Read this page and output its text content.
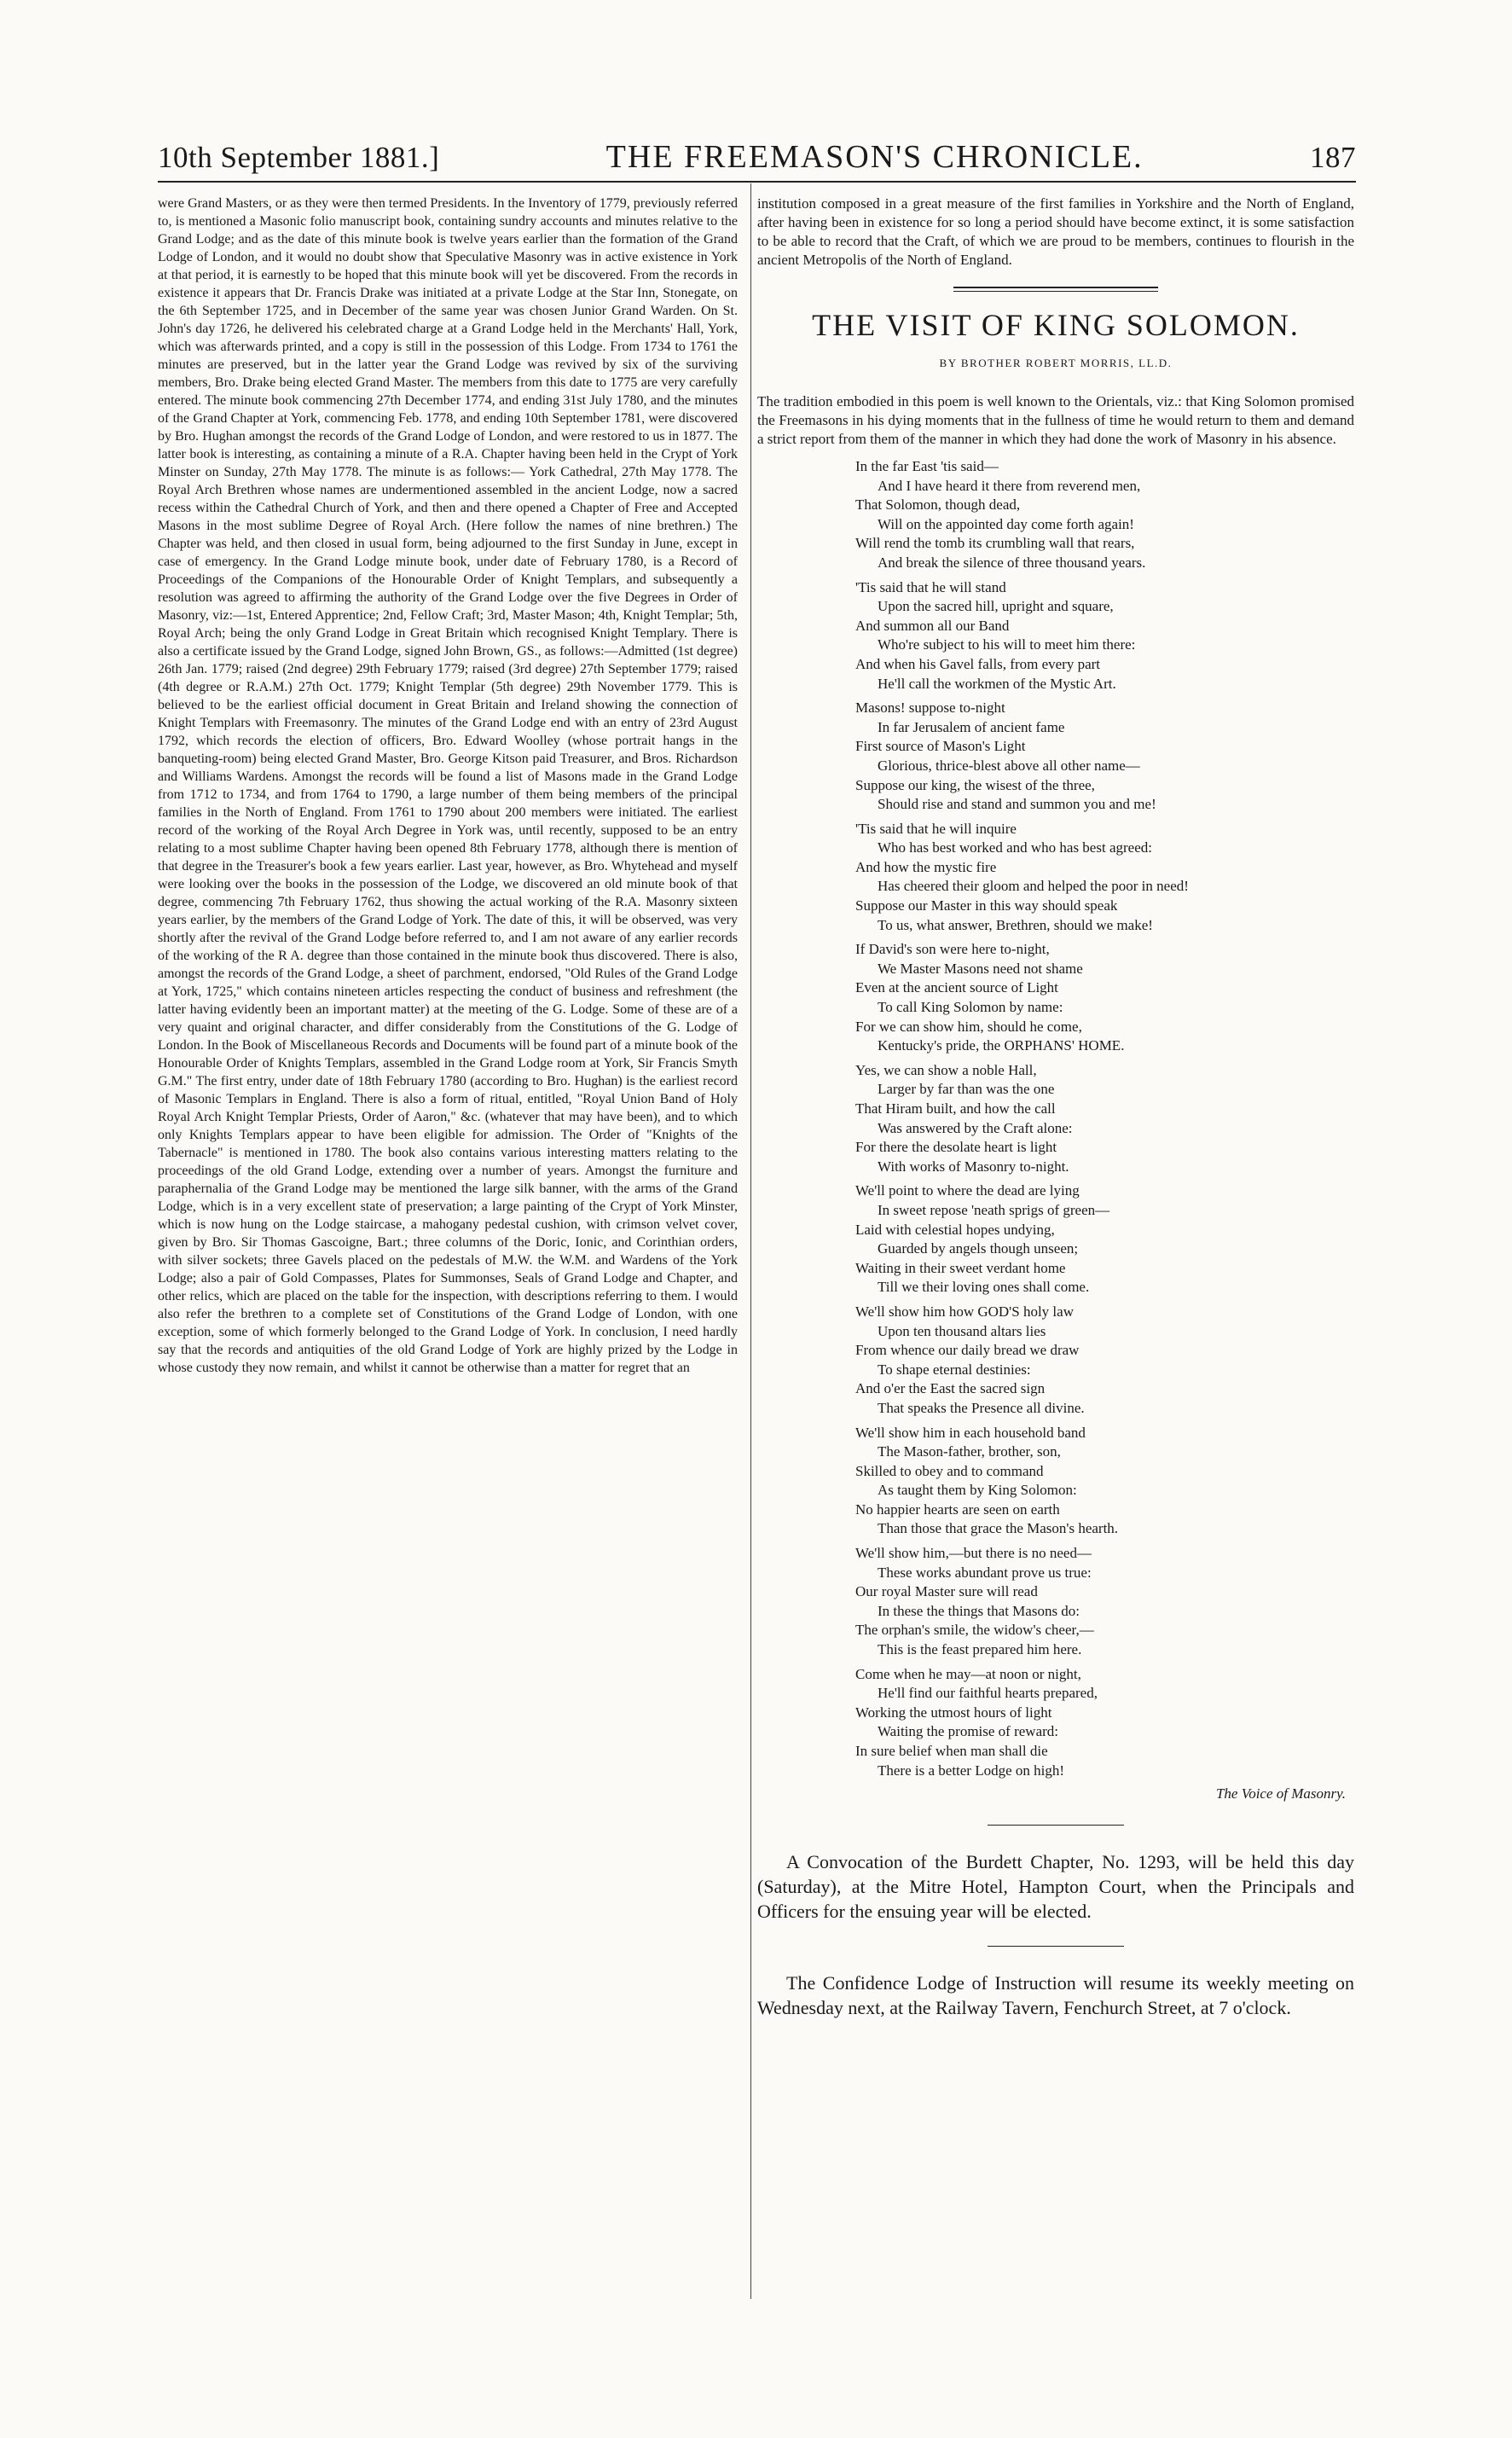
10th September 1881.]	THE FREEMASON'S CHRONICLE.	187

were Grand Masters, or as they were then termed Presidents. In the Inventory of 1779, previously referred to, is mentioned a Masonic folio manuscript book, containing sundry accounts and minutes relative to the Grand Lodge; and as the date of this minute book is twelve years earlier than the formation of the Grand Lodge of London, and it would no doubt show that Speculative Masonry was in active existence in York at that period, it is earnestly to be hoped that this minute book will yet be discovered. From the records in existence it appears that Dr. Francis Drake was initiated at a private Lodge at the Star Inn, Stonegate, on the 6th September 1725, and in December of the same year was chosen Junior Grand Warden. On St. John's day 1726, he delivered his celebrated charge at a Grand Lodge held in the Merchants' Hall, York, which was afterwards printed, and a copy is still in the possession of this Lodge. From 1734 to 1761 the minutes are preserved, but in the latter year the Grand Lodge was revived by six of the surviving members, Bro. Drake being elected Grand Master. The members from this date to 1775 are very carefully entered. The minute book commencing 27th December 1774, and ending 31st July 1780, and the minutes of the Grand Chapter at York, commencing Feb. 1778, and ending 10th September 1781, were discovered by Bro. Hughan amongst the records of the Grand Lodge of London, and were restored to us in 1877. The latter book is interesting, as containing a minute of a R.A. Chapter having been held in the Crypt of York Minster on Sunday, 27th May 1778. The minute is as follows:— York Cathedral, 27th May 1778. The Royal Arch Brethren whose names are undermentioned assembled in the ancient Lodge, now a sacred recess within the Cathedral Church of York, and then and there opened a Chapter of Free and Accepted Masons in the most sublime Degree of Royal Arch. (Here follow the names of nine brethren.) The Chapter was held, and then closed in usual form, being adjourned to the first Sunday in June, except in case of emergency. In the Grand Lodge minute book, under date of February 1780, is a Record of Proceedings of the Companions of the Honourable Order of Knight Templars, and subsequently a resolution was agreed to affirming the authority of the Grand Lodge over the five Degrees in Order of Masonry, viz:—1st, Entered Apprentice; 2nd, Fellow Craft; 3rd, Master Mason; 4th, Knight Templar; 5th, Royal Arch; being the only Grand Lodge in Great Britain which recognised Knight Templary. There is also a certificate issued by the Grand Lodge, signed John Brown, GS., as follows:—Admitted (1st degree) 26th Jan. 1779; raised (2nd degree) 29th February 1779; raised (3rd degree) 27th September 1779; raised (4th degree or R.A.M.) 27th Oct. 1779; Knight Templar (5th degree) 29th November 1779. This is believed to be the earliest official document in Great Britain and Ireland showing the connection of Knight Templars with Freemasonry. The minutes of the Grand Lodge end with an entry of 23rd August 1792, which records the election of officers, Bro. Edward Woolley (whose portrait hangs in the banqueting-room) being elected Grand Master, Bro. George Kitson paid Treasurer, and Bros. Richardson and Williams Wardens. Amongst the records will be found a list of Masons made in the Grand Lodge from 1712 to 1734, and from 1764 to 1790, a large number of them being members of the principal families in the North of England. From 1761 to 1790 about 200 members were initiated. The earliest record of the working of the Royal Arch Degree in York was, until recently, supposed to be an entry relating to a most sublime Chapter having been opened 8th February 1778, although there is mention of that degree in the Treasurer's book a few years earlier. Last year, however, as Bro. Whytehead and myself were looking over the books in the possession of the Lodge, we discovered an old minute book of that degree, commencing 7th February 1762, thus showing the actual working of the R.A. Masonry sixteen years earlier, by the members of the Grand Lodge of York. The date of this, it will be observed, was very shortly after the revival of the Grand Lodge before referred to, and I am not aware of any earlier records of the working of the R A. degree than those contained in the minute book thus discovered. There is also, amongst the records of the Grand Lodge, a sheet of parchment, endorsed, "Old Rules of the Grand Lodge at York, 1725," which contains nineteen articles respecting the conduct of business and refreshment (the latter having evidently been an important matter) at the meeting of the G. Lodge. Some of these are of a very quaint and original character, and differ considerably from the Constitutions of the G. Lodge of London. In the Book of Miscellaneous Records and Documents will be found part of a minute book of the Honourable Order of Knights Templars, assembled in the Grand Lodge room at York, Sir Francis Smyth G.M." The first entry, under date of 18th February 1780 (according to Bro. Hughan) is the earliest record of Masonic Templars in England. There is also a form of ritual, entitled, "Royal Union Band of Holy Royal Arch Knight Templar Priests, Order of Aaron," &c. (whatever that may have been), and to which only Knights Templars appear to have been eligible for admission. The Order of "Knights of the Tabernacle" is mentioned in 1780. The book also contains various interesting matters relating to the proceedings of the old Grand Lodge, extending over a number of years. Amongst the furniture and paraphernalia of the Grand Lodge may be mentioned the large silk banner, with the arms of the Grand Lodge, which is in a very excellent state of preservation; a large painting of the Crypt of York Minster, which is now hung on the Lodge staircase, a mahogany pedestal cushion, with crimson velvet cover, given by Bro. Sir Thomas Gascoigne, Bart.; three columns of the Doric, Ionic, and Corinthian orders, with silver sockets; three Gavels placed on the pedestals of M.W. the W.M. and Wardens of the York Lodge; also a pair of Gold Compasses, Plates for Summonses, Seals of Grand Lodge and Chapter, and other relics, which are placed on the table for the inspection, with descriptions referring to them. I would also refer the brethren to a complete set of Constitutions of the Grand Lodge of London, with one exception, some of which formerly belonged to the Grand Lodge of York. In conclusion, I need hardly say that the records and antiquities of the old Grand Lodge of York are highly prized by the Lodge in whose custody they now remain, and whilst it cannot be otherwise than a matter for regret that an

institution composed in a great measure of the first families in Yorkshire and the North of England, after having been in existence for so long a period should have become extinct, it is some satisfaction to be able to record that the Craft, of which we are proud to be members, continues to flourish in the ancient Metropolis of the North of England.

THE VISIT OF KING SOLOMON.
BY BROTHER ROBERT MORRIS, LL.D.

The tradition embodied in this poem is well known to the Orientals, viz.: that King Solomon promised the Freemasons in his dying moments that in the fullness of time he would return to them and demand a strict report from them of the manner in which they had done the work of Masonry in his absence.

In the far East 'tis said—
And I have heard it there from reverend men,
That Solomon, though dead,
Will on the appointed day come forth again!
Will rend the tomb its crumbling wall that rears,
And break the silence of three thousand years.
'Tis said that he will stand
Upon the sacred hill, upright and square,
And summon all our Band
Who're subject to his will to meet him there:
And when his Gavel falls, from every part
He'll call the workmen of the Mystic Art.
Masons! suppose to-night
In far Jerusalem of ancient fame
First source of Mason's Light
Glorious, thrice-blest above all other name—
Suppose our king, the wisest of the three,
Should rise and stand and summon you and me!
'Tis said that he will inquire
Who has best worked and who has best agreed:
And how the mystic fire
Has cheered their gloom and helped the poor in need!
Suppose our Master in this way should speak
To us, what answer, Brethren, should we make!
If David's son were here to-night,
We Master Masons need not shame
Even at the ancient source of Light
To call King Solomon by name:
For we can show him, should he come,
Kentucky's pride, the ORPHANS' HOME.
Yes, we can show a noble Hall,
Larger by far than was the one
That Hiram built, and how the call
Was answered by the Craft alone:
For there the desolate heart is light
With works of Masonry to-night.
We'll point to where the dead are lying
In sweet repose 'neath sprigs of green—
Laid with celestial hopes undying,
Guarded by angels though unseen;
Waiting in their sweet verdant home
Till we their loving ones shall come.
We'll show him how GOD'S holy law
Upon ten thousand altars lies
From whence our daily bread we draw
To shape eternal destinies:
And o'er the East the sacred sign
That speaks the Presence all divine.
We'll show him in each household band
The Mason-father, brother, son,
Skilled to obey and to command
As taught them by King Solomon:
No happier hearts are seen on earth
Than those that grace the Mason's hearth.
We'll show him,—but there is no need—
These works abundant prove us true:
Our royal Master sure will read
In these the things that Masons do:
The orphan's smile, the widow's cheer,—
This is the feast prepared him here.
Come when he may—at noon or night,
He'll find our faithful hearts prepared,
Working the utmost hours of light
Waiting the promise of reward:
In sure belief when man shall die
There is a better Lodge on high!
The Voice of Masonry.

A Convocation of the Burdett Chapter, No. 1293, will be held this day (Saturday), at the Mitre Hotel, Hampton Court, when the Principals and Officers for the ensuing year will be elected.

The Confidence Lodge of Instruction will resume its weekly meeting on Wednesday next, at the Railway Tavern, Fenchurch Street, at 7 o'clock.
